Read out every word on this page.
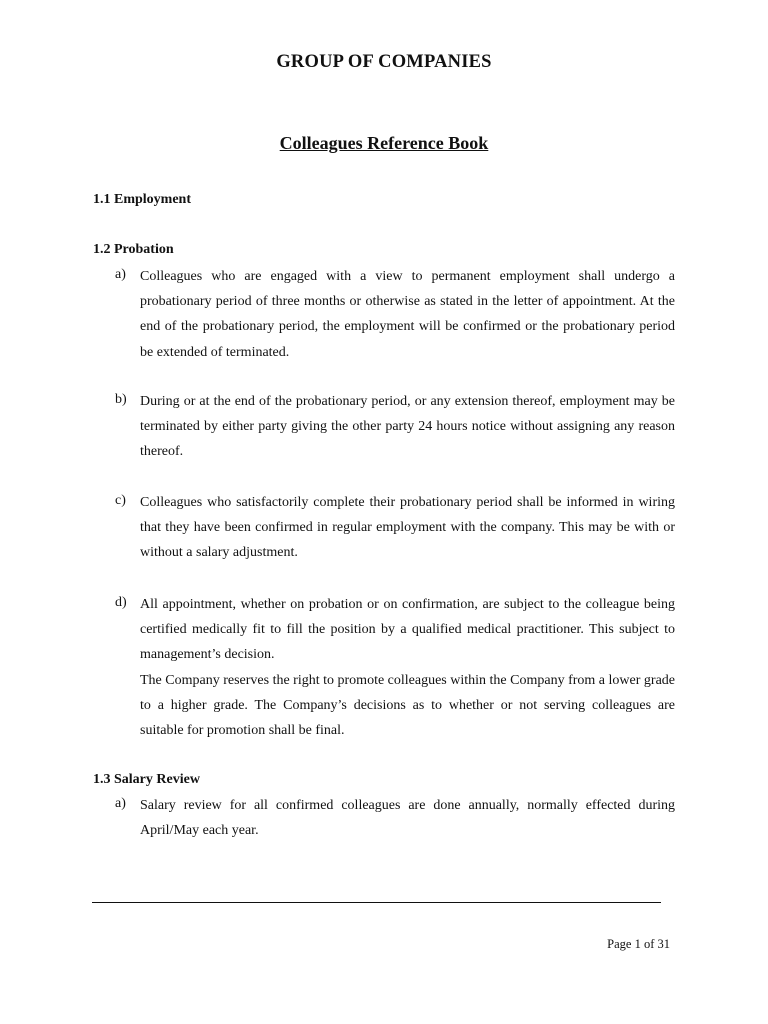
GROUP OF COMPANIES
Colleagues Reference Book
1.1 Employment
1.2 Probation
a) Colleagues who are engaged with a view to permanent employment shall undergo a probationary period of three months or otherwise as stated in the letter of appointment. At the end of the probationary period, the employment will be confirmed or the probationary period be extended of terminated.

b) During or at the end of the probationary period, or any extension thereof, employment may be terminated by either party giving the other party 24 hours notice without assigning any reason thereof.

c) Colleagues who satisfactorily complete their probationary period shall be informed in wiring that they have been confirmed in regular employment with the company. This may be with or without a salary adjustment.

d) All appointment, whether on probation or on confirmation, are subject to the colleague being certified medically fit to fill the position by a qualified medical practitioner. This subject to management’s decision.

The Company reserves the right to promote colleagues within the Company from a lower grade to a higher grade. The Company’s decisions as to whether or not serving colleagues are suitable for promotion shall be final.

1.3 Salary Review
a) Salary review for all confirmed colleagues are done annually, normally effected during April/May each year.

Page 1 of 31
